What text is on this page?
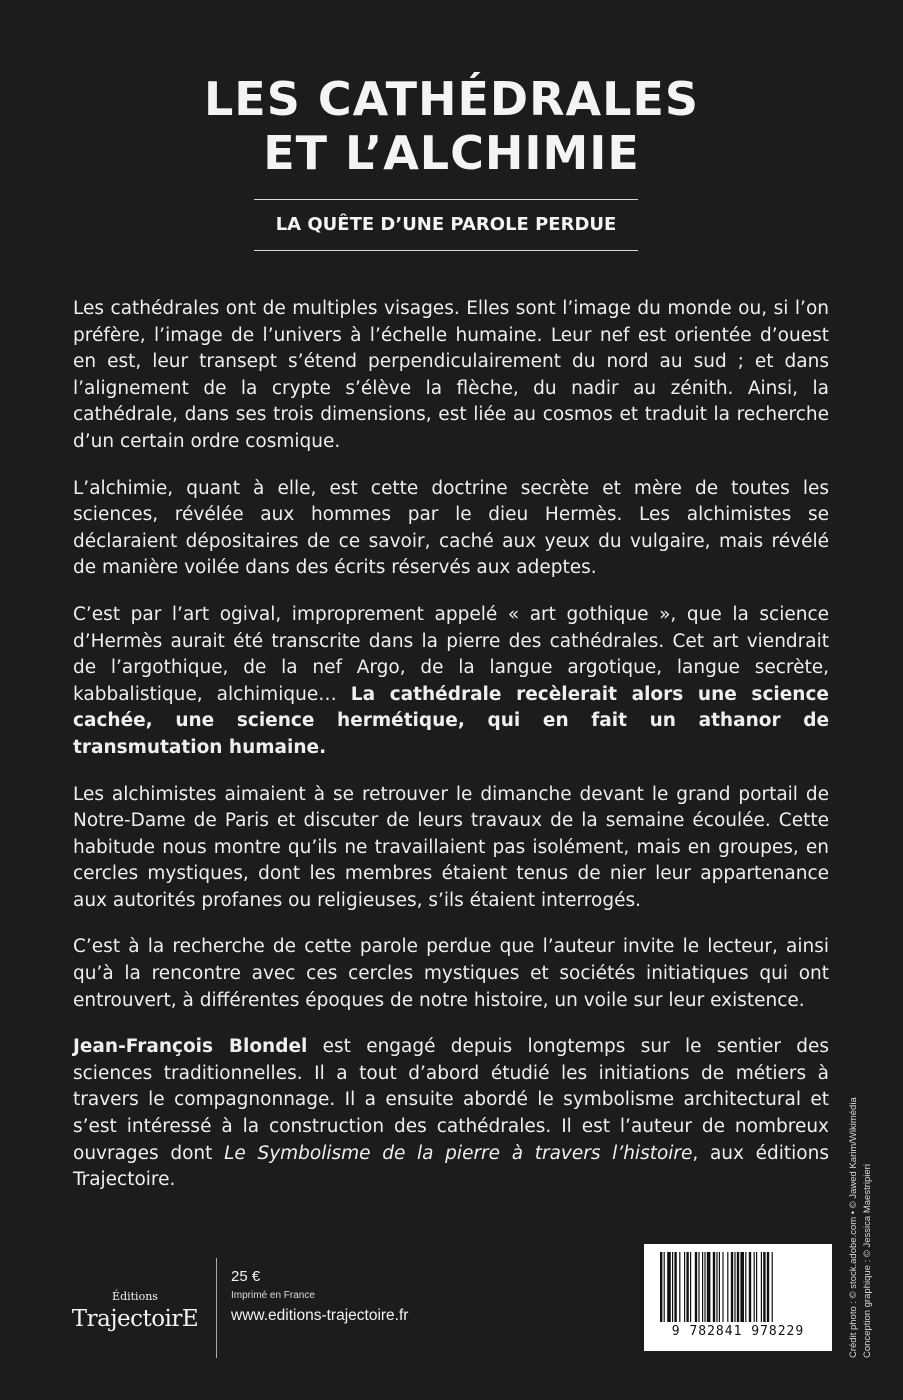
LES CATHÉDRALES
ET L’ALCHIMIE
LA QUÊTE D’UNE PAROLE PERDUE

Les cathédrales ont de multiples visages. Elles sont l’image du monde ou, si l’on préfère, l’image de l’univers à l’échelle humaine. Leur nef est orientée d’ouest en est, leur transept s’étend perpendiculairement du nord au sud ; et dans l’alignement de la crypte s’élève la flèche, du nadir au zénith. Ainsi, la cathédrale, dans ses trois dimensions, est liée au cosmos et traduit la recherche d’un certain ordre cosmique.

L’alchimie, quant à elle, est cette doctrine secrète et mère de toutes les sciences, révélée aux hommes par le dieu Hermès. Les alchimistes se déclaraient dépositaires de ce savoir, caché aux yeux du vulgaire, mais révélé de manière voilée dans des écrits réservés aux adeptes.

C’est par l’art ogival, improprement appelé « art gothique », que la science d’Hermès aurait été transcrite dans la pierre des cathédrales. Cet art viendrait de l’argothique, de la nef Argo, de la langue argotique, langue secrète, kabbalistique, alchimique… La cathédrale recèlerait alors une science cachée, une science hermétique, qui en fait un athanor de transmutation humaine.

Les alchimistes aimaient à se retrouver le dimanche devant le grand portail de Notre-Dame de Paris et discuter de leurs travaux de la semaine écoulée. Cette habitude nous montre qu’ils ne travaillaient pas isolément, mais en groupes, en cercles mystiques, dont les membres étaient tenus de nier leur appartenance aux autorités profanes ou religieuses, s’ils étaient interrogés.

C’est à la recherche de cette parole perdue que l’auteur invite le lecteur, ainsi qu’à la rencontre avec ces cercles mystiques et sociétés initiatiques qui ont entrouvert, à différentes époques de notre histoire, un voile sur leur existence.

Jean-François Blondel est engagé depuis longtemps sur le sentier des sciences traditionnelles. Il a tout d’abord étudié les initiations de métiers à travers le compagnonnage. Il a ensuite abordé le symbolisme architectural et s’est intéressé à la construction des cathédrales. Il est l’auteur de nombreux ouvrages dont Le Symbolisme de la pierre à travers l’histoire, aux éditions Trajectoire.

Éditions
TrajectoirE
25 €
Imprimé en France
www.editions-trajectoire.fr
9 782841 978229	Crédit photo : © stock.adobe.com • © Jawed Karim/Wikimédia Conception graphique : © Jessica Maestripieri
